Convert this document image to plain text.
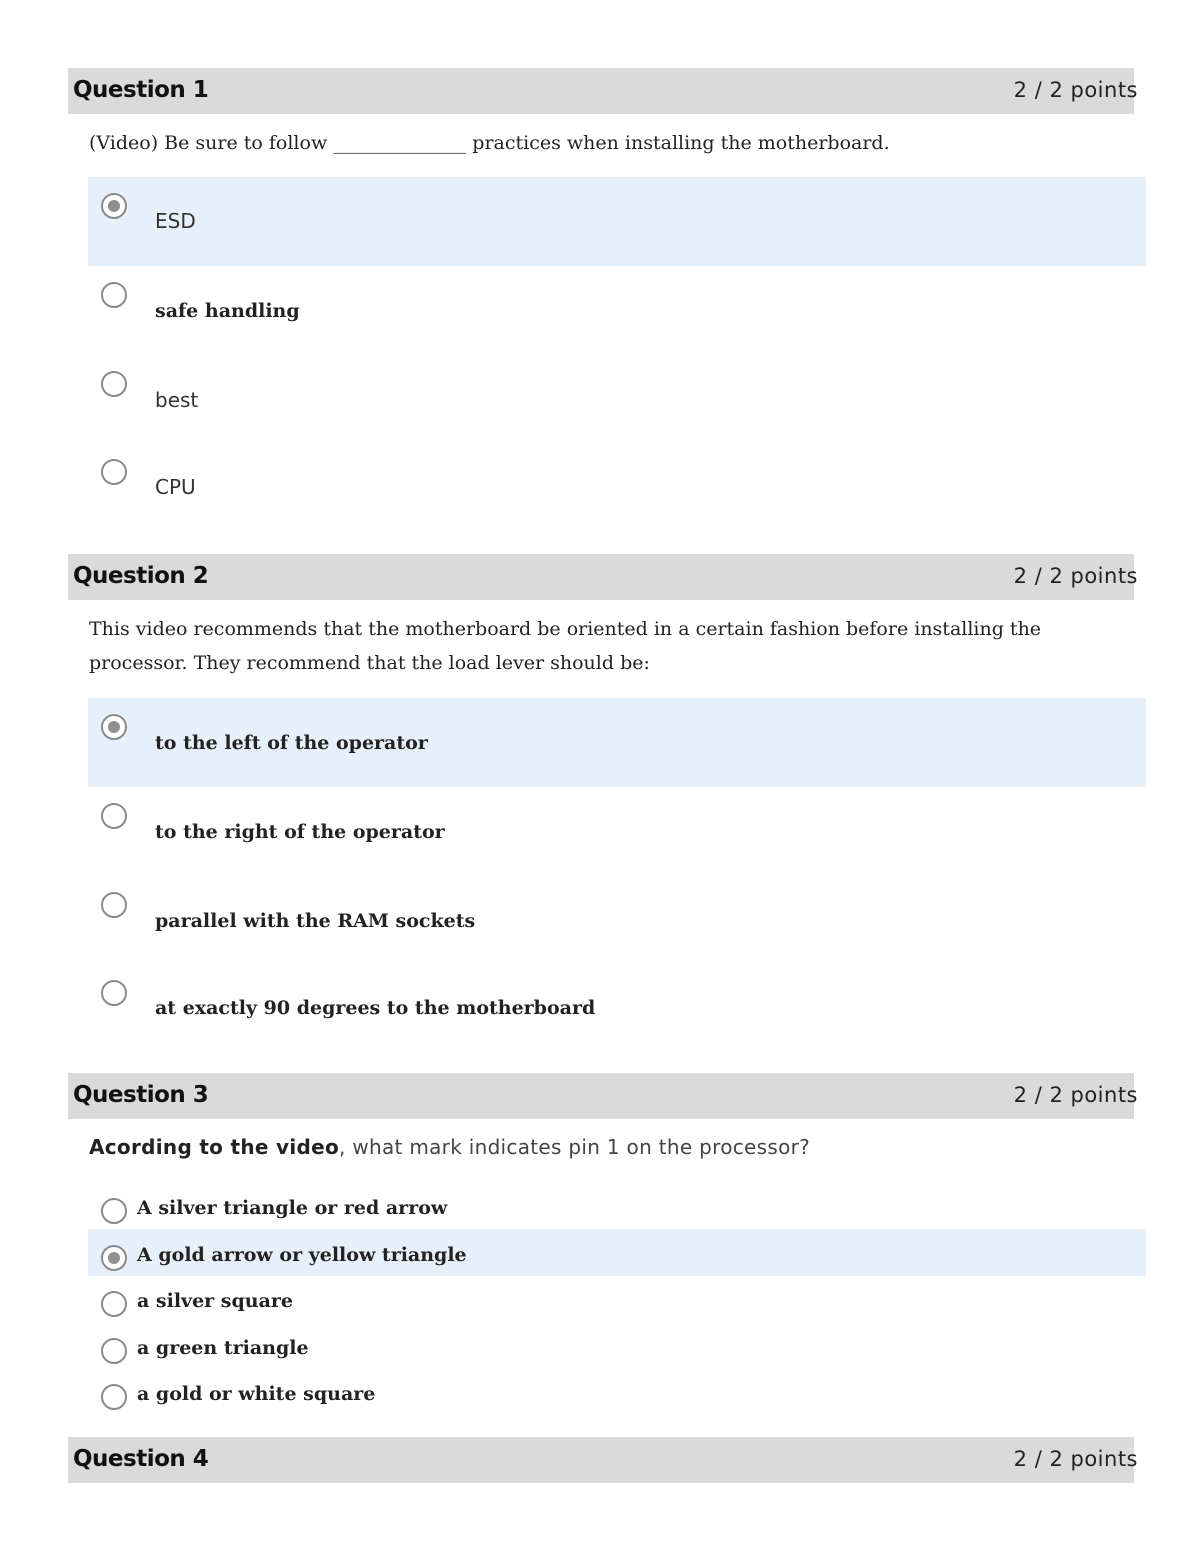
Question 1	2 / 2 points
(Video) Be sure to follow ______________ practices when installing the motherboard.
ESD
safe handling
best
CPU
Question 2	2 / 2 points
This video recommends that the motherboard be oriented in a certain fashion before installing the processor. They recommend that the load lever should be:
to the left of the operator
to the right of the operator
parallel with the RAM sockets
at exactly 90 degrees to the motherboard
Question 3	2 / 2 points
Acording to the video, what mark indicates pin 1 on the processor?
A silver triangle or red arrow
A gold arrow or yellow triangle
a silver square
a green triangle
a gold or white square
Question 4	2 / 2 points
